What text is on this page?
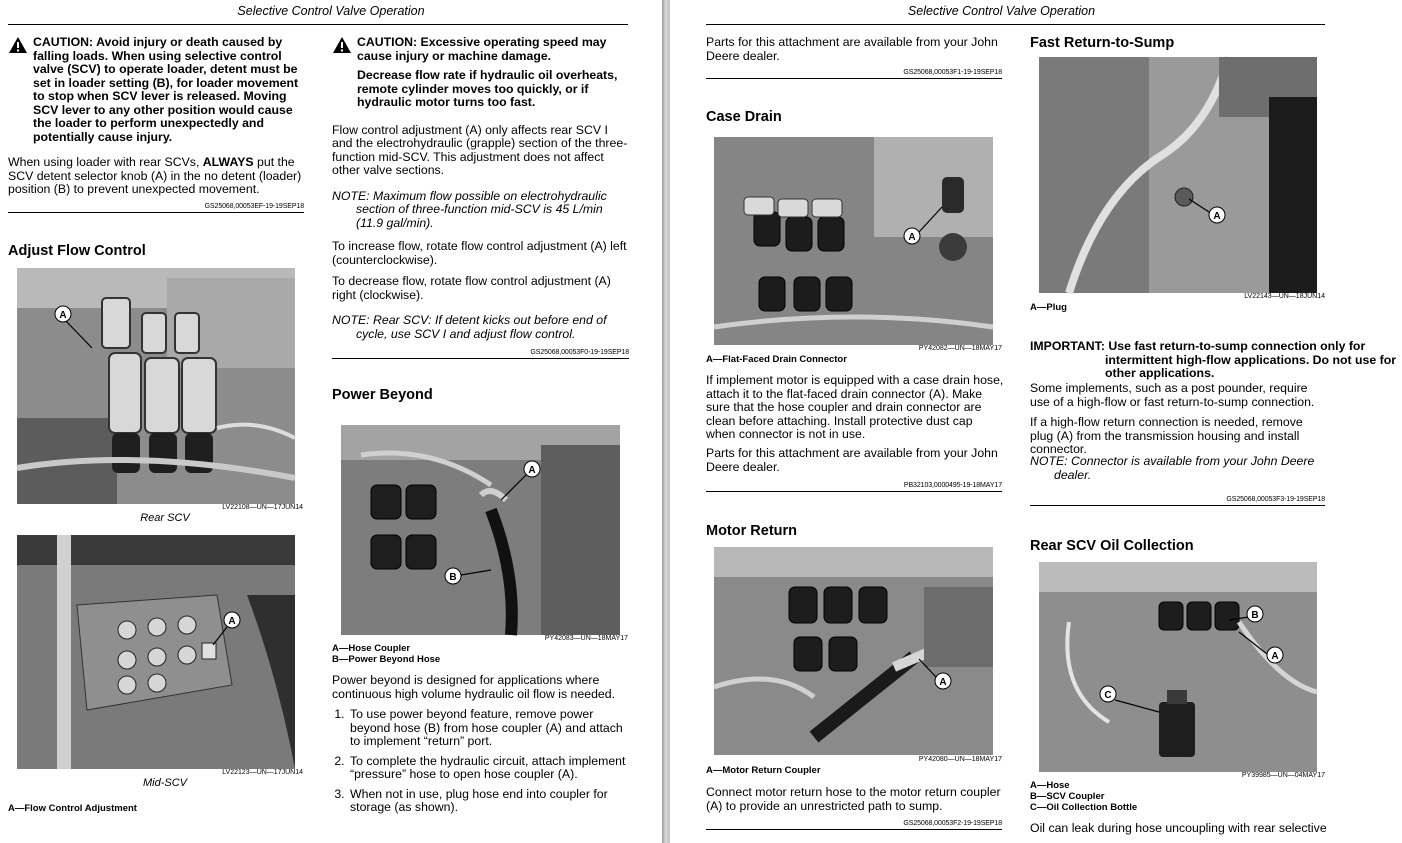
Selective Control Valve Operation

CAUTION: Avoid injury or death caused by falling loads. When using selective control valve (SCV) to operate loader, detent must be set in loader setting (B), for loader movement to stop when SCV lever is released. Moving SCV lever to any other position would cause the loader to perform unexpectedly and potentially cause injury.

When using loader with rear SCVs, ALWAYS put the SCV detent selector knob (A) in the no detent (loader) position (B) to prevent unexpected movement.

GS25068,00053EF-19-19SEP18
Adjust Flow Control
A
LV22108—UN—17JUN14
Rear SCV
A
LV22123—UN—17JUN14
Mid-SCV
A—Flow Control Adjustment

CAUTION: Excessive operating speed may cause injury or machine damage.

Decrease flow rate if hydraulic oil overheats, remote cylinder moves too quickly, or if hydraulic motor turns too fast.

Flow control adjustment (A) only affects rear SCV I and the electrohydraulic (grapple) section of the three-function mid-SCV. This adjustment does not affect other valve sections.

NOTE: Maximum flow possible on electrohydraulic section of three-function mid-SCV is 45 L/min (11.9 gal/min).

To increase flow, rotate flow control adjustment (A) left (counterclockwise).

To decrease flow, rotate flow control adjustment (A) right (clockwise).

NOTE: Rear SCV: If detent kicks out before end of cycle, use SCV I and adjust flow control.

GS25068,00053F0-19-19SEP18
Power Beyond
A
B
PY42083—UN—18MAY17
A—Hose Coupler
B—Power Beyond Hose

Power beyond is designed for applications where continuous high volume hydraulic oil flow is needed.

1. To use power beyond feature, remove power beyond hose (B) from hose coupler (A) and attach to implement “return” port.
2. To complete the hydraulic circuit, attach implement “pressure” hose to open hose coupler (A).
3. When not in use, plug hose end into coupler for storage (as shown).
Selective Control Valve Operation

Parts for this attachment are available from your John Deere dealer.

GS25068,00053F1-19-19SEP18
Case Drain
A
PY42082—UN—18MAY17
A—Flat-Faced Drain Connector

If implement motor is equipped with a case drain hose, attach it to the flat-faced drain connector (A). Make sure that the hose coupler and drain connector are clean before attaching. Install protective dust cap when connector is not in use.

Parts for this attachment are available from your John Deere dealer.

PB32103,0000495-19-18MAY17
Motor Return
A
PY42080—UN—18MAY17
A—Motor Return Coupler

Connect motor return hose to the motor return coupler (A) to provide an unrestricted path to sump.

GS25068,00053F2-19-19SEP18
Fast Return-to-Sump
A
LV22143—UN—18JUN14
A—Plug

IMPORTANT: Use fast return-to-sump connection only for intermittent high-flow applications. Do not use for other applications.

Some implements, such as a post pounder, require use of a high-flow or fast return-to-sump connection.

If a high-flow return connection is needed, remove plug (A) from the transmission housing and install connector.

NOTE: Connector is available from your John Deere dealer.

GS25068,00053F3-19-19SEP18
Rear SCV Oil Collection
B
A
C
PY39985—UN—04MAY17
A—Hose
B—SCV Coupler
C—Oil Collection Bottle

Oil can leak during hose uncoupling with rear selective
